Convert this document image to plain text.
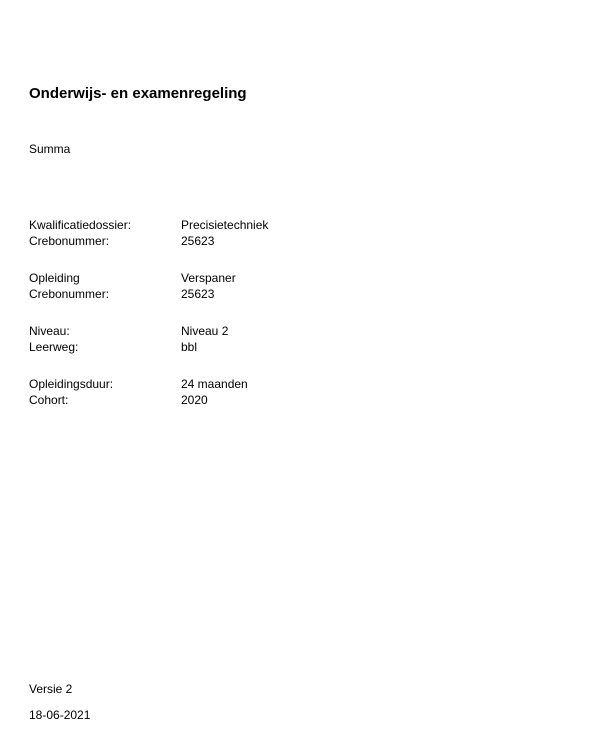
Onderwijs- en examenregeling
Summa
Kwalificatiedossier:	Precisietechniek
Crebonummer:	25623
Opleiding	Verspaner
Crebonummer:	25623
Niveau:	Niveau 2
Leerweg:	bbl
Opleidingsduur:	24 maanden
Cohort:	2020
Versie 2
18-06-2021
